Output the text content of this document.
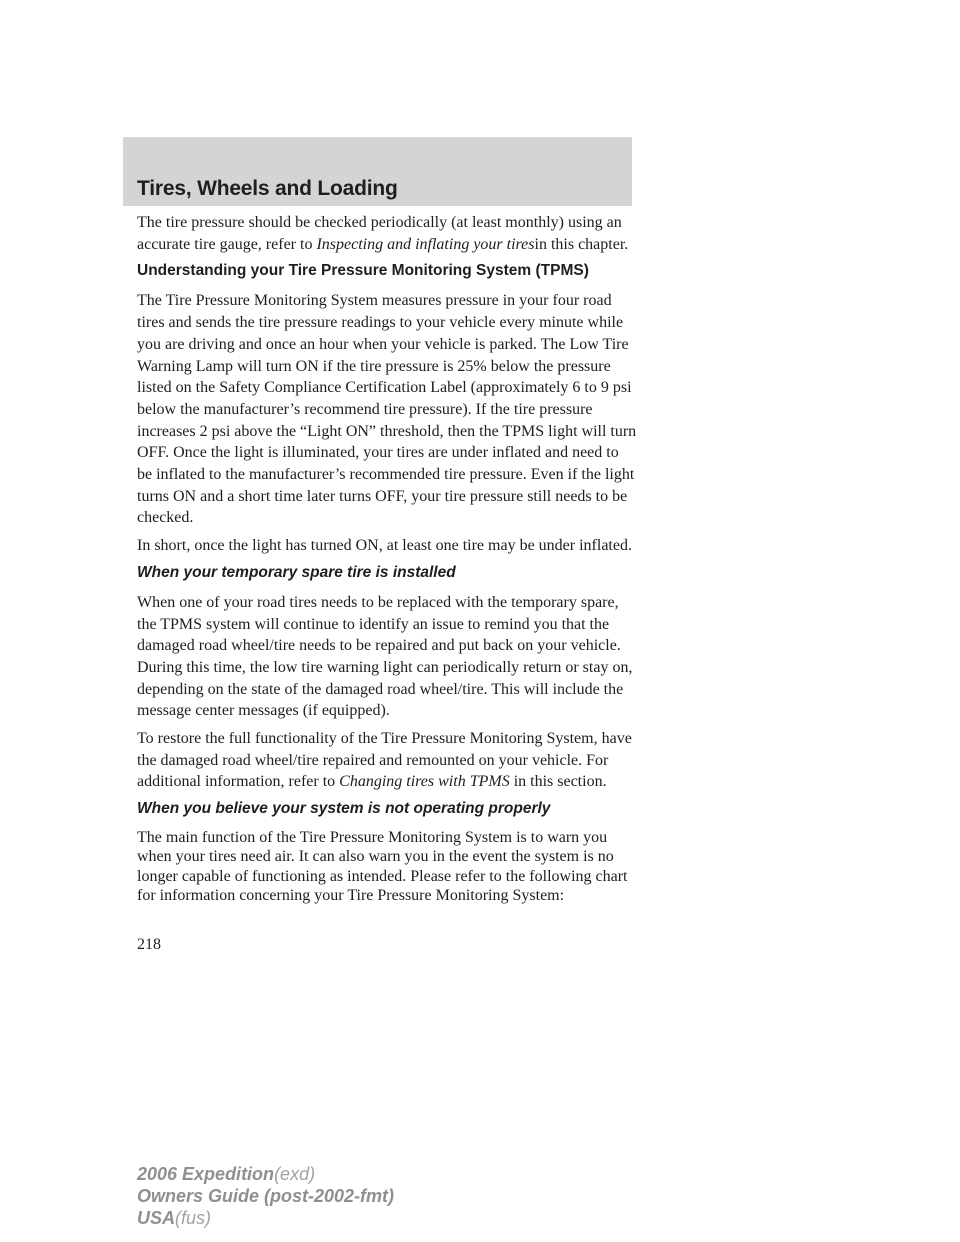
Tires, Wheels and Loading

The tire pressure should be checked periodically (at least monthly) using an accurate tire gauge, refer to Inspecting and inflating your tiresin this chapter.

Understanding your Tire Pressure Monitoring System (TPMS)

The Tire Pressure Monitoring System measures pressure in your four road tires and sends the tire pressure readings to your vehicle every minute while you are driving and once an hour when your vehicle is parked. The Low Tire Warning Lamp will turn ON if the tire pressure is 25% below the pressure listed on the Safety Compliance Certification Label (approximately 6 to 9 psi below the manufacturer’s recommend tire pressure). If the tire pressure increases 2 psi above the “Light ON” threshold, then the TPMS light will turn OFF. Once the light is illuminated, your tires are under inflated and need to be inflated to the manufacturer’s recommended tire pressure. Even if the light turns ON and a short time later turns OFF, your tire pressure still needs to be checked.

In short, once the light has turned ON, at least one tire may be under inflated.

When your temporary spare tire is installed

When one of your road tires needs to be replaced with the temporary spare, the TPMS system will continue to identify an issue to remind you that the damaged road wheel/tire needs to be repaired and put back on your vehicle. During this time, the low tire warning light can periodically return or stay on, depending on the state of the damaged road wheel/tire. This will include the message center messages (if equipped).

To restore the full functionality of the Tire Pressure Monitoring System, have the damaged road wheel/tire repaired and remounted on your vehicle. For additional information, refer to Changing tires with TPMS in this section.

When you believe your system is not operating properly

The main function of the Tire Pressure Monitoring System is to warn you when your tires need air. It can also warn you in the event the system is no longer capable of functioning as intended. Please refer to the following chart for information concerning your Tire Pressure Monitoring System:

218
2006 Expedition(exd)
Owners Guide (post-2002-fmt)
USA(fus)
